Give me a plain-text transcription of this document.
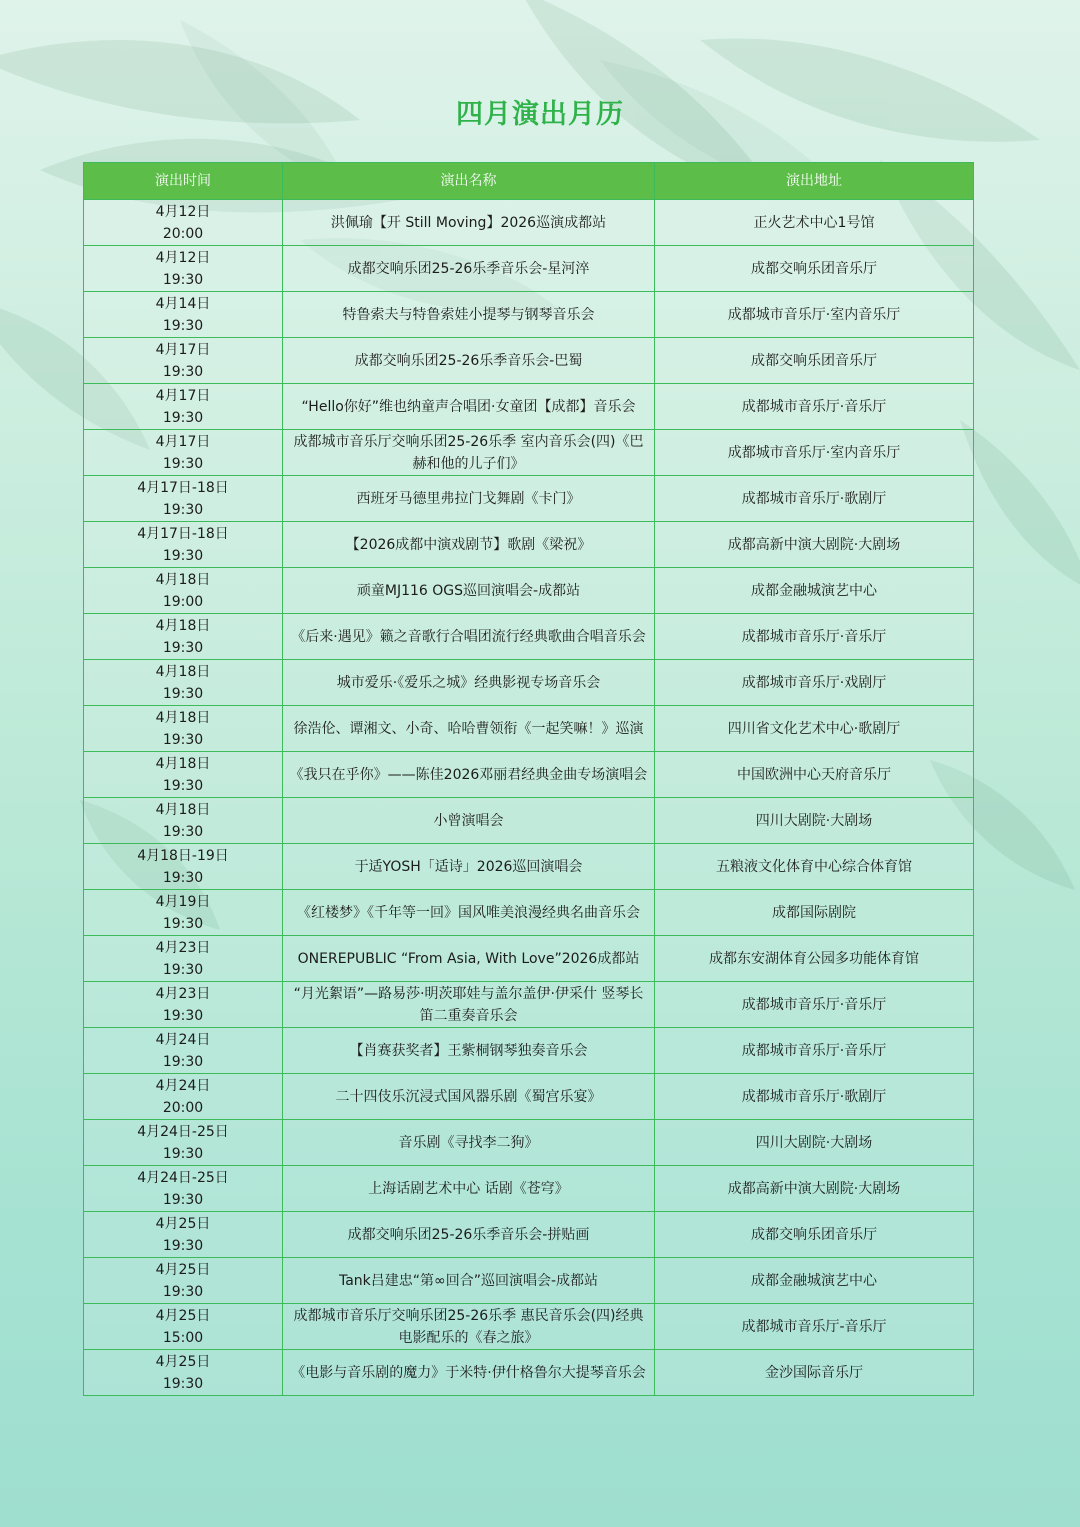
四月演出月历
演出时间	演出名称	演出地址

4月12日
20:00	洪佩瑜【开 Still Moving】2026巡演成都站	正火艺术中心1号馆

4月12日
19:30	成都交响乐团25-26乐季音乐会-星河淬	成都交响乐团音乐厅

4月14日
19:30	特鲁索夫与特鲁索娃小提琴与钢琴音乐会	成都城市音乐厅·室内音乐厅

4月17日
19:30	成都交响乐团25-26乐季音乐会-巴蜀	成都交响乐团音乐厅

4月17日
19:30	“Hello你好”维也纳童声合唱团·女童团【成都】音乐会	成都城市音乐厅·音乐厅

4月17日
19:30	成都城市音乐厅交响乐团25-26乐季 室内音乐会(四)《巴赫和他的儿子们》	成都城市音乐厅·室内音乐厅

4月17日-18日
19:30	西班牙马德里弗拉门戈舞剧《卡门》	成都城市音乐厅·歌剧厅

4月17日-18日
19:30	【2026成都中演戏剧节】歌剧《梁祝》	成都高新中演大剧院·大剧场

4月18日
19:00	顽童MJ116 OGS巡回演唱会-成都站	成都金融城演艺中心

4月18日
19:30	《后来·遇见》籁之音歌行合唱团流行经典歌曲合唱音乐会	成都城市音乐厅·音乐厅

4月18日
19:30	城市爱乐·《爱乐之城》经典影视专场音乐会	成都城市音乐厅·戏剧厅

4月18日
19:30	徐浩伦、谭湘文、小奇、哈哈曹领衔《一起笑嘛！》巡演	四川省文化艺术中心·歌剧厅

4月18日
19:30	《我只在乎你》——陈佳2026邓丽君经典金曲专场演唱会	中国欧洲中心天府音乐厅

4月18日
19:30	小曾演唱会	四川大剧院·大剧场

4月18日-19日
19:30	于适YOSH「适诗」2026巡回演唱会	五粮液文化体育中心综合体育馆

4月19日
19:30	《红楼梦》《千年等一回》国风唯美浪漫经典名曲音乐会	成都国际剧院

4月23日
19:30	ONEREPUBLIC “From Asia, With Love”2026成都站	成都东安湖体育公园多功能体育馆

4月23日
19:30	“月光絮语”—路易莎·明茨耶娃与盖尔盖伊·伊采什 竖琴长笛二重奏音乐会	成都城市音乐厅·音乐厅

4月24日
19:30	【肖赛获奖者】王紫桐钢琴独奏音乐会	成都城市音乐厅·音乐厅

4月24日
20:00	二十四伎乐沉浸式国风器乐剧《蜀宫乐宴》	成都城市音乐厅·歌剧厅

4月24日-25日
19:30	音乐剧《寻找李二狗》	四川大剧院·大剧场

4月24日-25日
19:30	上海话剧艺术中心 话剧《苍穹》	成都高新中演大剧院·大剧场

4月25日
19:30	成都交响乐团25-26乐季音乐会-拼贴画	成都交响乐团音乐厅

4月25日
19:30	Tank吕建忠“第∞回合”巡回演唱会-成都站	成都金融城演艺中心

4月25日
15:00	成都城市音乐厅交响乐团25-26乐季 惠民音乐会(四)经典电影配乐的《春之旅》	成都城市音乐厅-音乐厅

4月25日
19:30	《电影与音乐剧的魔力》于米特·伊什格鲁尔大提琴音乐会	金沙国际音乐厅
